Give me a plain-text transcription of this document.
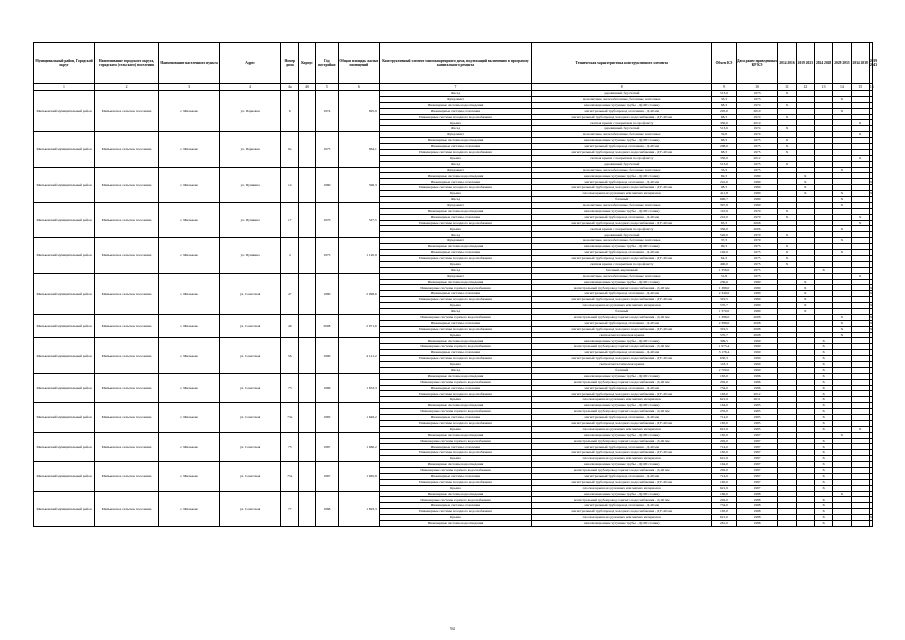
Муниципальный район, Городской округ	Наименование городского округа, городского (сельского) поселения	Наименование населенного пункта	Адрес	Номер дома	Корпус	Год постройки	Общая площадь жилых помещений	Конструктивный элемент многоквартирного дома, подлежащий включению в программу капитального ремонта	Техническая характеристика конструктивного элемента	Объем КЭ	Дата ранее проведенных КР КЭ	2014 2016	2019 2023	2024 2028	2029 2033	2034 2038	2039 2043
1	2	3	4	4а	4б	5	6	7	8	9	10	11	12	13	14	15	16
Мильковский муниципальный район	Мильковское сельское поселение	с. Мильково	ул. Парковая	6		1974	695,9	Фасад	деревянный, брусчатый	513,6	1973	X					
								Фундамент	монолитные, железобетонные, бетонные ленточные	33,3	1973				X		
								Инженерные системы водоотведения	канализационные чугунные трубы - Д(100 стояки)	68,3	1974	X					
								Инженерные системы отопления	магистральный трубопровод отопления - Д-40 мм	205,0	2010				X		
								Инженерные системы холодного водоснабжения	магистральный трубопровод холодного водоснабжения - ДУ-40 мм	68,3	1974	X					
								Крыша	скатная крыша с покрытием по профлисту	350,0	2010					X	
								Фасад	деревянный, брусчатый	513,6	1974	X					
Мильковский муниципальный район	Мильковское сельское поселение	с. Мильково	ул. Парковая	6а		1975	964,1	Фундамент	монолитные, железобетонные, бетонные ленточные	32,8	1974					X	
								Инженерные системы водоотведения	канализационные чугунные трубы - Д(100 стояки)	68,3	1975	X					
								Инженерные системы отопления	магистральный трубопровод отопления - Д-40 мм	208,0	1975	X					
								Инженерные системы холодного водоснабжения	магистральный трубопровод холодного водоснабжения - ДУ-40 мм	68,3	1975	X					
								Крыша	скатная крыша с покрытием по профлисту	350,0	2012					X	
								Фасад	деревянный, брусчатый	513,6	1975	X					
Мильковский муниципальный район	Мильковское сельское поселение	с. Мильково	ул. Пушкина	14		1980	596,3	Фундамент	монолитные, железобетонные, бетонные ленточные	33,3	1975				X		
								Инженерные системы водоотведения	канализационные чугунные трубы - Д(100 стояки)	69,3	1980		X				
								Инженерные системы отопления	магистральный трубопровод отопления - Д-40 мм	210,0	1980		X				X
								Инженерные системы холодного водоснабжения	магистральный трубопровод холодного водоснабжения - ДУ-40 мм	98,3	1980		X				
								Крыша	плоская крыша из рулонных или мягких материалов	411,8	1980		X		X		X
								Фасад	блочный	600,7	1980				X		
Мильковский муниципальный район	Мильковское сельское поселение	с. Мильково	ул. Пушкина	17		1970	527,5	Фундамент	монолитные, железобетонные, бетонные ленточные	397,9	1980				X		
								Инженерные системы водоотведения	канализационные чугунные трубы - Д(100 стояки)	110,9	1970	X					
								Инженерные системы отопления	магистральный трубопровод отопления - Д-40 мм	210,0	1970	X				X	
								Инженерные системы холодного водоснабжения	магистральный трубопровод холодного водоснабжения - ДУ-40 мм	65,3	2006					X	
								Крыша	скатная крыша с покрытием по профлисту	350,0	2006				X		
								Фасад	деревянный, брусчатый	520,0	1970	X					
Мильковский муниципальный район	Мильковское сельское поселение	с. Мильково	ул. Пушкина	4		1975	1 120,9	Фундамент	монолитные, железобетонные, бетонные ленточные	37,3	1970				X		
								Инженерные системы водоотведения	канализационные чугунные трубы - Д(100 стояки)	90,3	1975	X					
								Инженерные системы отопления	магистральный трубопровод отопления - Д-40 мм	192,0	1975	X			X		
								Инженерные системы холодного водоснабжения	магистральный трубопровод холодного водоснабжения - ДУ-40 мм	64,3	1975	X					
								Крыша	скатная крыша с покрытием по профлисту	490,0	1975	X					
								Фасад	блочный, кирпичный	1 356,0	1975			X			
Мильковский муниципальный район	Мильковское сельское поселение	с. Мильково	ул. Советская	47		1980	2 098,6	Фундамент	монолитные, железобетонные, бетонные ленточные	51,8	1975					X	
								Инженерные системы водоотведения	канализационные чугунные трубы - Д(100 стояки)	230,6	1980		X				
								Инженерные системы горячего водоснабжения	магистральный трубопровод горячего водоснабжения - Д-40 мм	1 388,0	1980		X				X
								Инженерные системы отопления	магистральный трубопровод отопления - Д-40 мм	2 340,0	1980		X				X
								Инженерные системы холодного водоснабжения	магистральный трубопровод холодного водоснабжения - ДУ-40 мм	319,5	1980		X				
								Крыша	плоская крыша из рулонных или мягких материалов	570,7	1980		X				X
								Фасад	блочный	1 370,0	1980		X				
Мильковский муниципальный район	Мильковское сельское поселение	с. Мильково	ул. Советская	49		2008	2 071,6	Инженерные системы горячего водоснабжения	магистральный трубопровод горячего водоснабжения - Д-40 мм	1 388,0	2008				X		X
								Инженерные системы отопления	магистральный трубопровод отопления - Д-40 мм	2 388,0	2008				X		X
								Инженерные системы холодного водоснабжения	магистральный трубопровод холодного водоснабжения - ДУ-40 мм	319,5	2008				X		X
								Крыша	скатная металлическая крыша	570,7	2008				X		
Мильковский муниципальный район	Мильковское сельское поселение	с. Мильково	ул. Советская	56		1990	4 121,2	Инженерные системы водоотведения	канализационные чугунные трубы - Д(100 стояки)	399,5	1990			X			
								Инженерные системы горячего водоснабжения	магистральный трубопровод горячего водоснабжения - Д-40 мм	1 975,4	1990			X			
								Инженерные системы отопления	магистральный трубопровод отопления - Д-40 мм	3 176,4	1990			X			
								Инженерные системы холодного водоснабжения	магистральный трубопровод холодного водоснабжения - ДУ-40 мм	630,3	1990			X			
								Крыша	скатная металлическая крыша	118,3	1990			X			
								Фасад	блочный	2 700,0	1990			X			
Мильковский муниципальный район	Мильковское сельское поселение	с. Мильково	ул. Советская	73		1986	1 653,3	Инженерные системы водоотведения	канализационные чугунные трубы - Д(100 стояки)	163,0	1986			X			
								Инженерные системы горячего водоснабжения	магистральный трубопровод горячего водоснабжения - Д-40 мм	292,0	1986			X			
								Инженерные системы отопления	магистральный трубопровод отопления - Д-40 мм	734,0	1986			X			
								Инженерные системы холодного водоснабжения	магистральный трубопровод холодного водоснабжения - ДУ-40 мм	163,0	2012			X			
								Крыша	плоская крыша из рулонных или мягких материалов	621,9	2011			X			
Мильковский муниципальный район	Мильковское сельское поселение	с. Мильково	ул. Советская	73а		1985	1 649,2	Инженерные системы водоотведения	канализационные чугунные трубы - Д(100 стояки)	164,0	1985			X			
								Инженерные системы горячего водоснабжения	магистральный трубопровод горячего водоснабжения - Д-40 мм	235,0	1985			X			
								Инженерные системы отопления	магистральный трубопровод отопления - Д-40 мм	714,0	1985			X			
								Инженерные системы холодного водоснабжения	магистральный трубопровод холодного водоснабжения - ДУ-40 мм	165,0	1985			X			
								Крыша	плоская крыша из рулонных или мягких материалов	621,9	1985			X		X	
Мильковский муниципальный район	Мильковское сельское поселение	с. Мильково	ул. Советская	75		1987	1 660,2	Инженерные системы водоотведения	канализационные чугунные трубы - Д(100 стояки)	165,0	1987				X		
								Инженерные системы горячего водоснабжения	магистральный трубопровод горячего водоснабжения - Д-40 мм	292,0	1987			X			
								Инженерные системы отопления	магистральный трубопровод отопления - Д-40 мм	714,0	1987			X			
								Инженерные системы холодного водоснабжения	магистральный трубопровод холодного водоснабжения - ДУ-40 мм	165,0	1987			X			
								Крыша	плоская крыша из рулонных или мягких материалов	621,9	1987			X			
Мильковский муниципальный район	Мильковское сельское поселение	с. Мильково	ул. Советская	75а		1987	1 665,8	Инженерные системы водоотведения	канализационные чугунные трубы - Д(100 стояки)	164,0	1987			X			
								Инженерные системы горячего водоснабжения	магистральный трубопровод горячего водоснабжения - Д-40 мм	292,0	1987			X			
								Инженерные системы отопления	магистральный трубопровод отопления - Д-40 мм	714,0	1987			X			
								Инженерные системы холодного водоснабжения	магистральный трубопровод холодного водоснабжения - ДУ-40 мм	165,0	1987			X			
								Крыша	плоская крыша из рулонных или мягких материалов	621,9	1987			X			
Мильковский муниципальный район	Мильковское сельское поселение	с. Мильково	ул. Советская	77		1988	1 693,3	Инженерные системы водоотведения	канализационные чугунные трубы - Д(100 стояки)	166,0	1988				X		
								Инженерные системы горячего водоснабжения	магистральный трубопровод горячего водоснабжения - Д-40 мм	292,0	1988			X			
								Инженерные системы отопления	магистральный трубопровод отопления - Д-40 мм	734,0	1988			X			
								Инженерные системы холодного водоснабжения	магистральный трубопровод холодного водоснабжения - ДУ-40 мм	165,0	1988			X			
								Крыша	плоская крыша из рулонных или мягких материалов	621,0	1988			X			X
								Инженерные системы водоотведения	канализационные чугунные трубы - Д(100 стояки)	261,0	1988			X			
94
